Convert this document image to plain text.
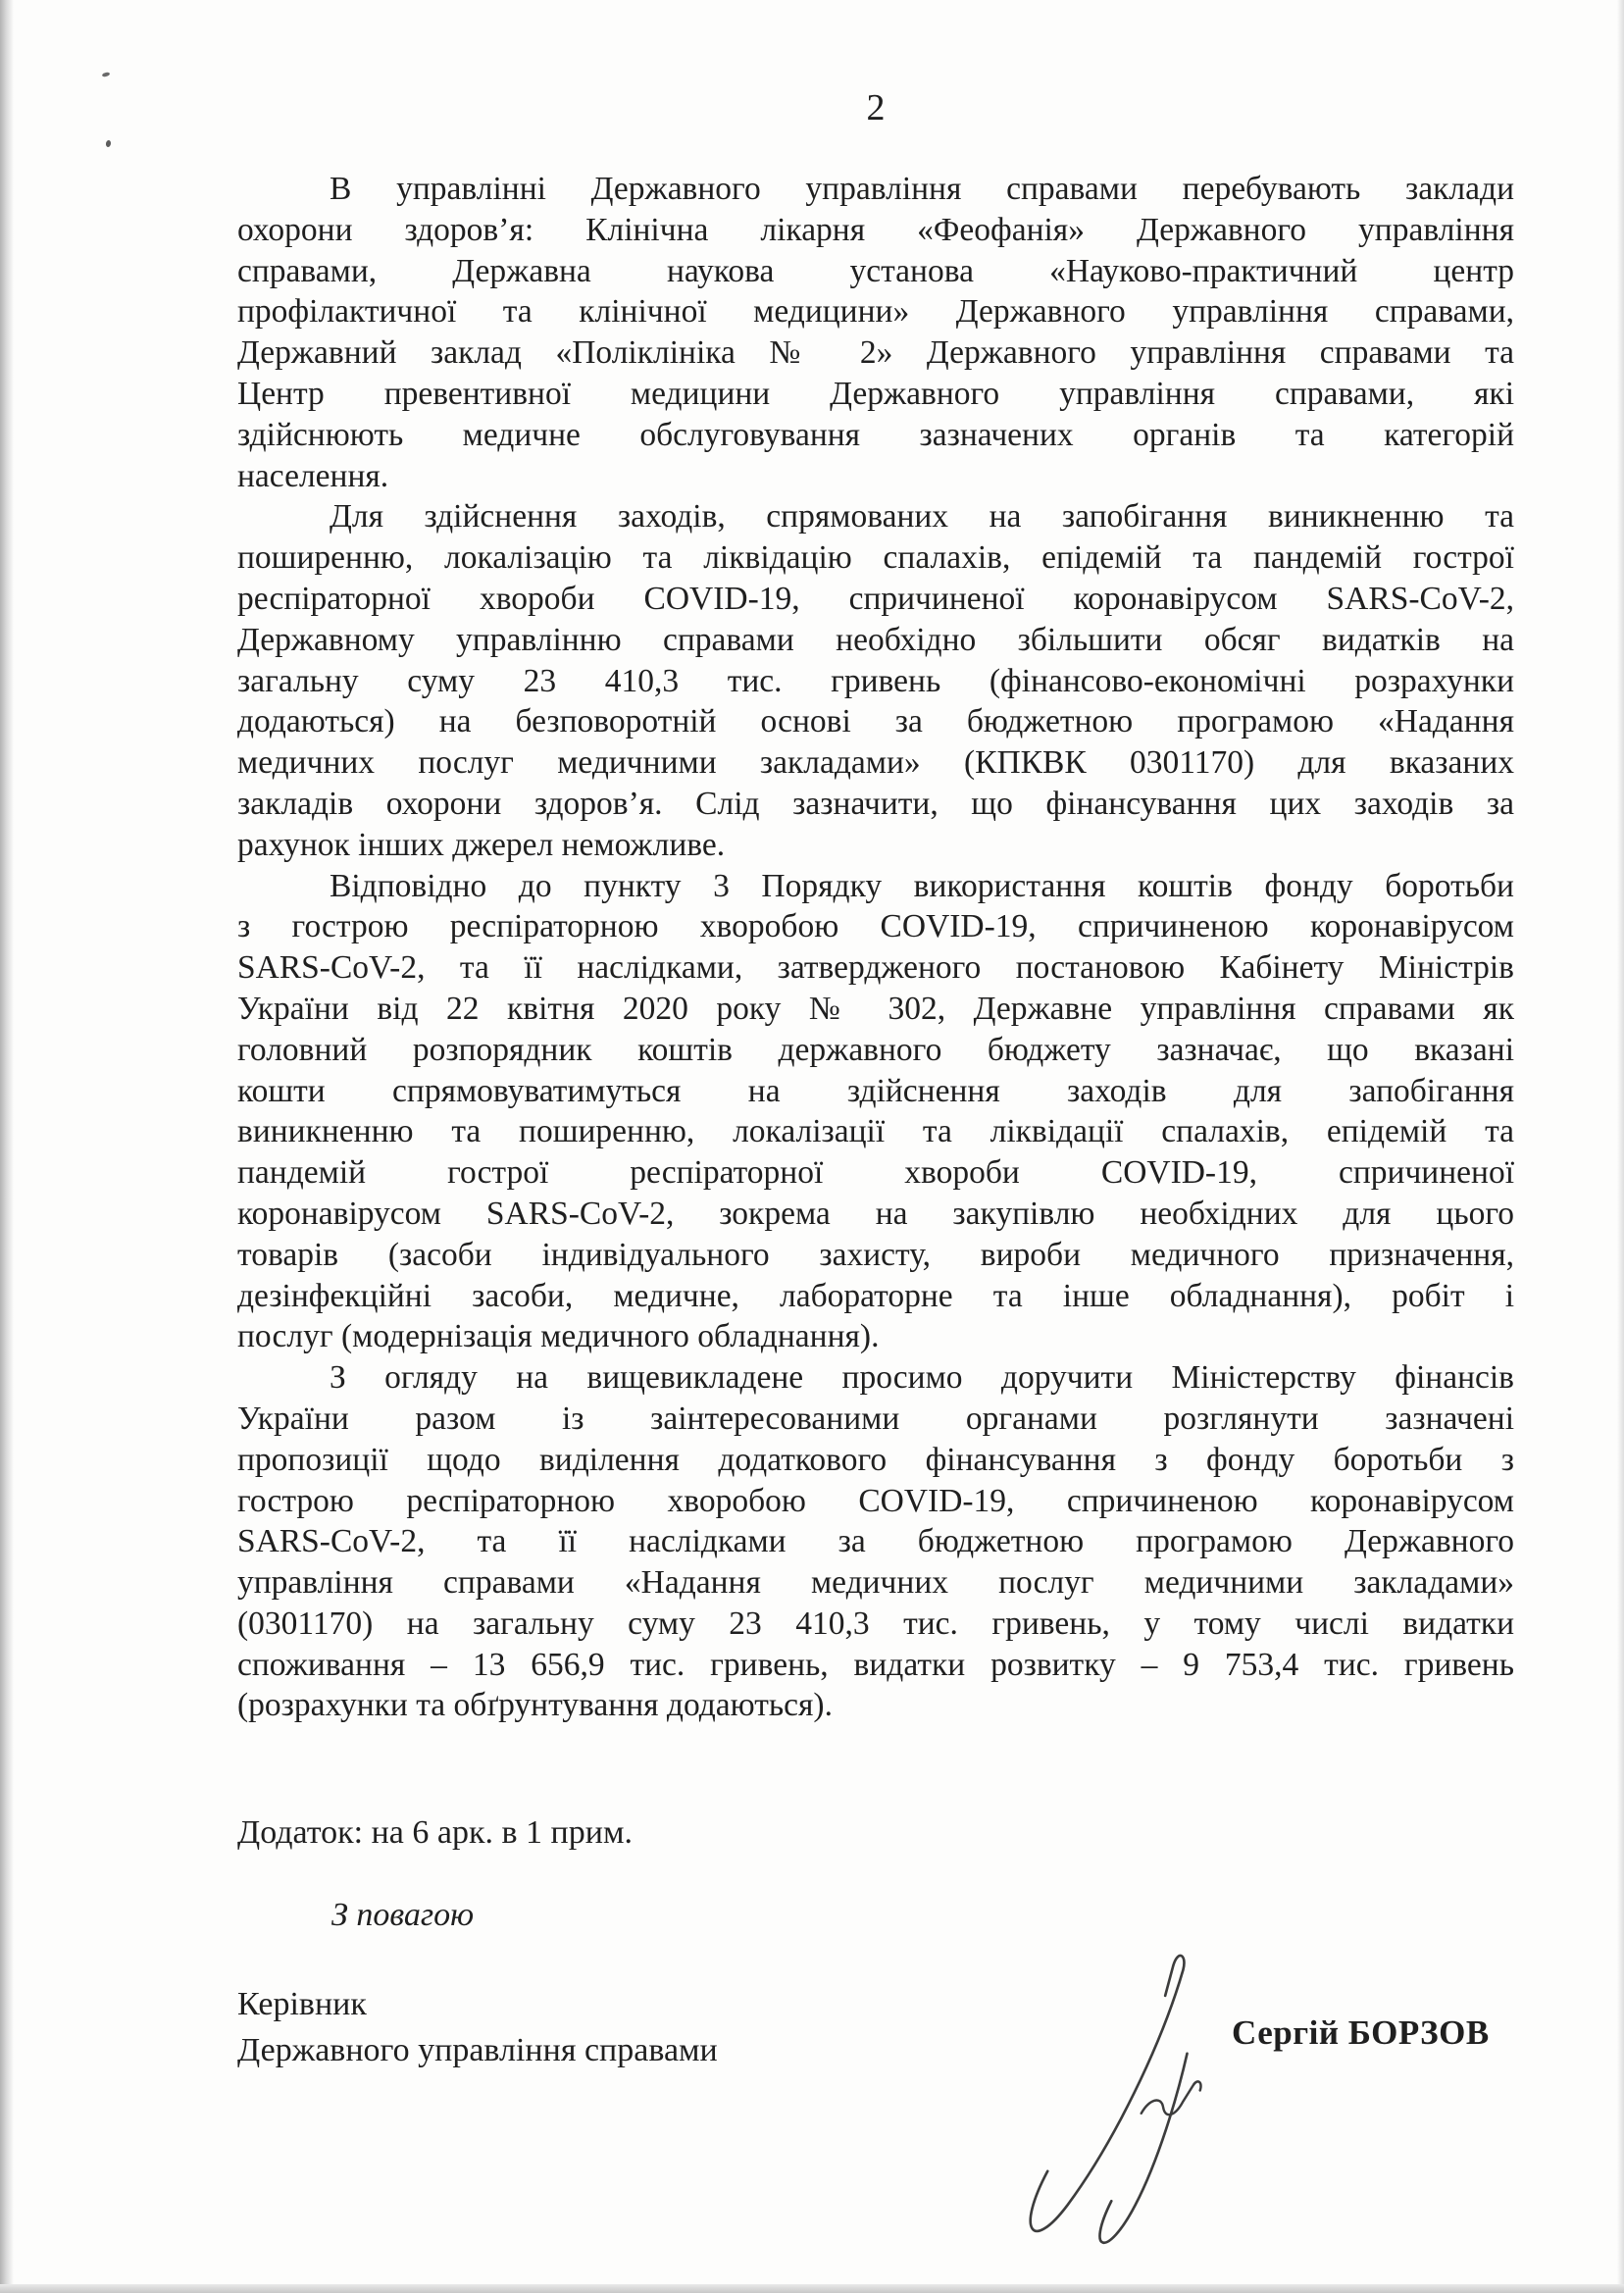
2
В управлінні Державного управління справами перебувають заклади
охорони здоров’я: Клінічна лікарня «Феофанія» Державного управління
справами, Державна наукова установа «Науково-практичний центр
профілактичної та клінічної медицини» Державного управління справами,
Державний заклад «Поліклініка № 2» Державного управління справами та
Центр превентивної медицини Державного управління справами, які
здійснюють медичне обслуговування зазначених органів та категорій
населення.
Для здійснення заходів, спрямованих на запобігання виникненню та
поширенню, локалізацію та ліквідацію спалахів, епідемій та пандемій гострої
респіраторної хвороби COVID-19, спричиненої коронавірусом SARS-CoV-2,
Державному управлінню справами необхідно збільшити обсяг видатків на
загальну суму 23 410,3 тис. гривень (фінансово-економічні розрахунки
додаються) на безповоротній основі за бюджетною програмою «Надання
медичних послуг медичними закладами» (КПКВК 0301170) для вказаних
закладів охорони здоров’я. Слід зазначити, що фінансування цих заходів за
рахунок інших джерел неможливе.
Відповідно до пункту 3 Порядку використання коштів фонду боротьби
з гострою респіраторною хворобою COVID-19, спричиненою коронавірусом
SARS-CoV-2, та її наслідками, затвердженого постановою Кабінету Міністрів
України від 22 квітня 2020 року № 302, Державне управління справами як
головний розпорядник коштів державного бюджету зазначає, що вказані
кошти спрямовуватимуться на здійснення заходів для запобігання
виникненню та поширенню, локалізації та ліквідації спалахів, епідемій та
пандемій гострої респіраторної хвороби COVID-19, спричиненої
коронавірусом SARS-CoV-2, зокрема на закупівлю необхідних для цього
товарів (засоби індивідуального захисту, вироби медичного призначення,
дезінфекційні засоби, медичне, лабораторне та інше обладнання), робіт і
послуг (модернізація медичного обладнання).
З огляду на вищевикладене просимо доручити Міністерству фінансів
України разом із заінтересованими органами розглянути зазначені
пропозиції щодо виділення додаткового фінансування з фонду боротьби з
гострою респіраторною хворобою COVID-19, спричиненою коронавірусом
SARS-CoV-2, та її наслідками за бюджетною програмою Державного
управління справами «Надання медичних послуг медичними закладами»
(0301170) на загальну суму 23 410,3 тис. гривень, у тому числі видатки
споживання – 13 656,9 тис. гривень, видатки розвитку – 9 753,4 тис. гривень
(розрахунки та обґрунтування додаються).
Додаток: на 6 арк. в 1 прим.
З повагою
Керівник
Державного управління справами	Сергій БОРЗОВ
